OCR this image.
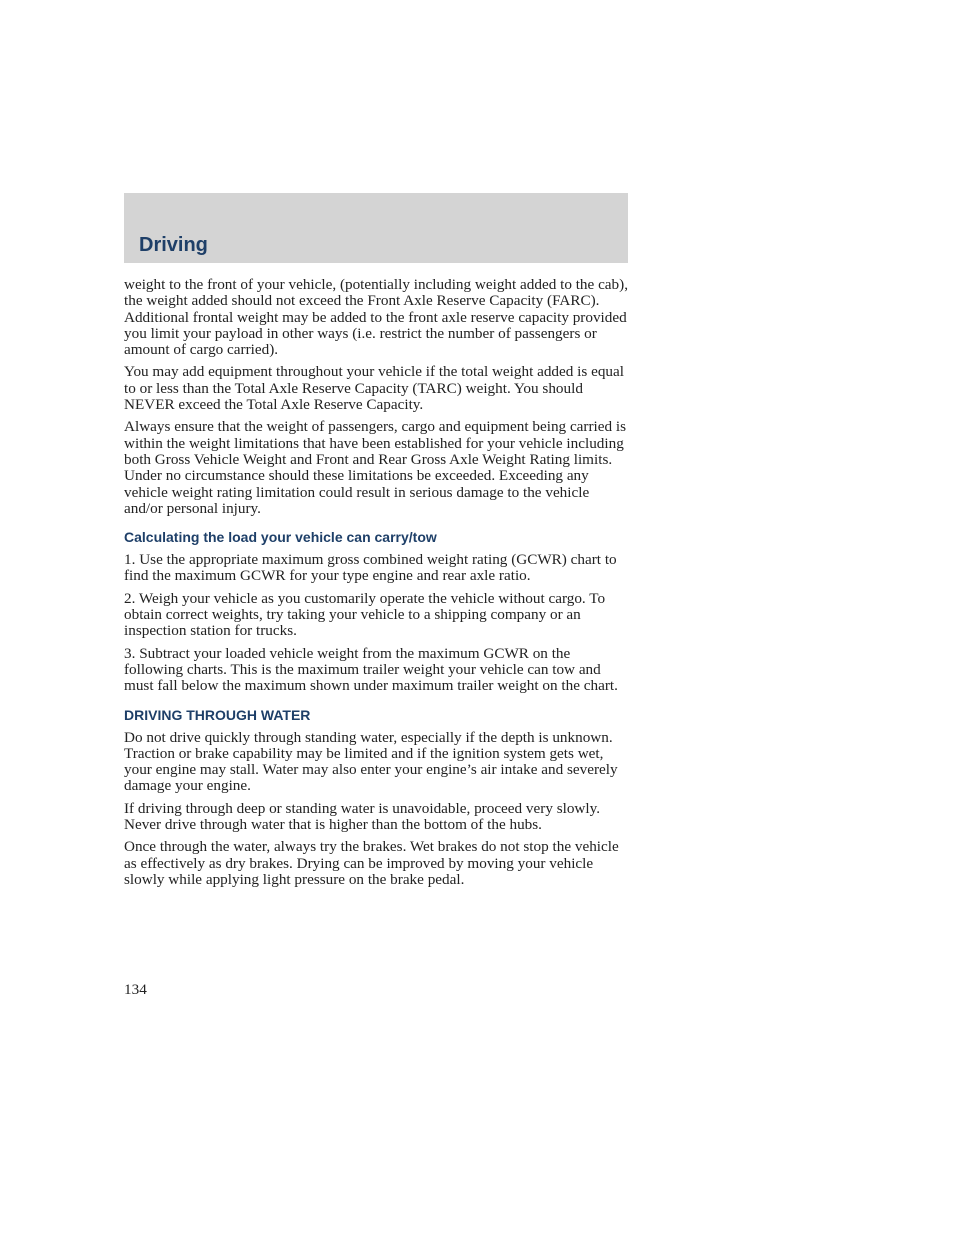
Driving

weight to the front of your vehicle, (potentially including weight added to the cab), the weight added should not exceed the Front Axle Reserve Capacity (FARC). Additional frontal weight may be added to the front axle reserve capacity provided you limit your payload in other ways (i.e. restrict the number of passengers or amount of cargo carried).

You may add equipment throughout your vehicle if the total weight added is equal to or less than the Total Axle Reserve Capacity (TARC) weight. You should NEVER exceed the Total Axle Reserve Capacity.

Always ensure that the weight of passengers, cargo and equipment being carried is within the weight limitations that have been established for your vehicle including both Gross Vehicle Weight and Front and Rear Gross Axle Weight Rating limits. Under no circumstance should these limitations be exceeded. Exceeding any vehicle weight rating limitation could result in serious damage to the vehicle and/or personal injury.

Calculating the load your vehicle can carry/tow

1. Use the appropriate maximum gross combined weight rating (GCWR) chart to find the maximum GCWR for your type engine and rear axle ratio.

2. Weigh your vehicle as you customarily operate the vehicle without cargo. To obtain correct weights, try taking your vehicle to a shipping company or an inspection station for trucks.

3. Subtract your loaded vehicle weight from the maximum GCWR on the following charts. This is the maximum trailer weight your vehicle can tow and must fall below the maximum shown under maximum trailer weight on the chart.

DRIVING THROUGH WATER

Do not drive quickly through standing water, especially if the depth is unknown. Traction or brake capability may be limited and if the ignition system gets wet, your engine may stall. Water may also enter your engine’s air intake and severely damage your engine.

If driving through deep or standing water is unavoidable, proceed very slowly. Never drive through water that is higher than the bottom of the hubs.

Once through the water, always try the brakes. Wet brakes do not stop the vehicle as effectively as dry brakes. Drying can be improved by moving your vehicle slowly while applying light pressure on the brake pedal.

134
